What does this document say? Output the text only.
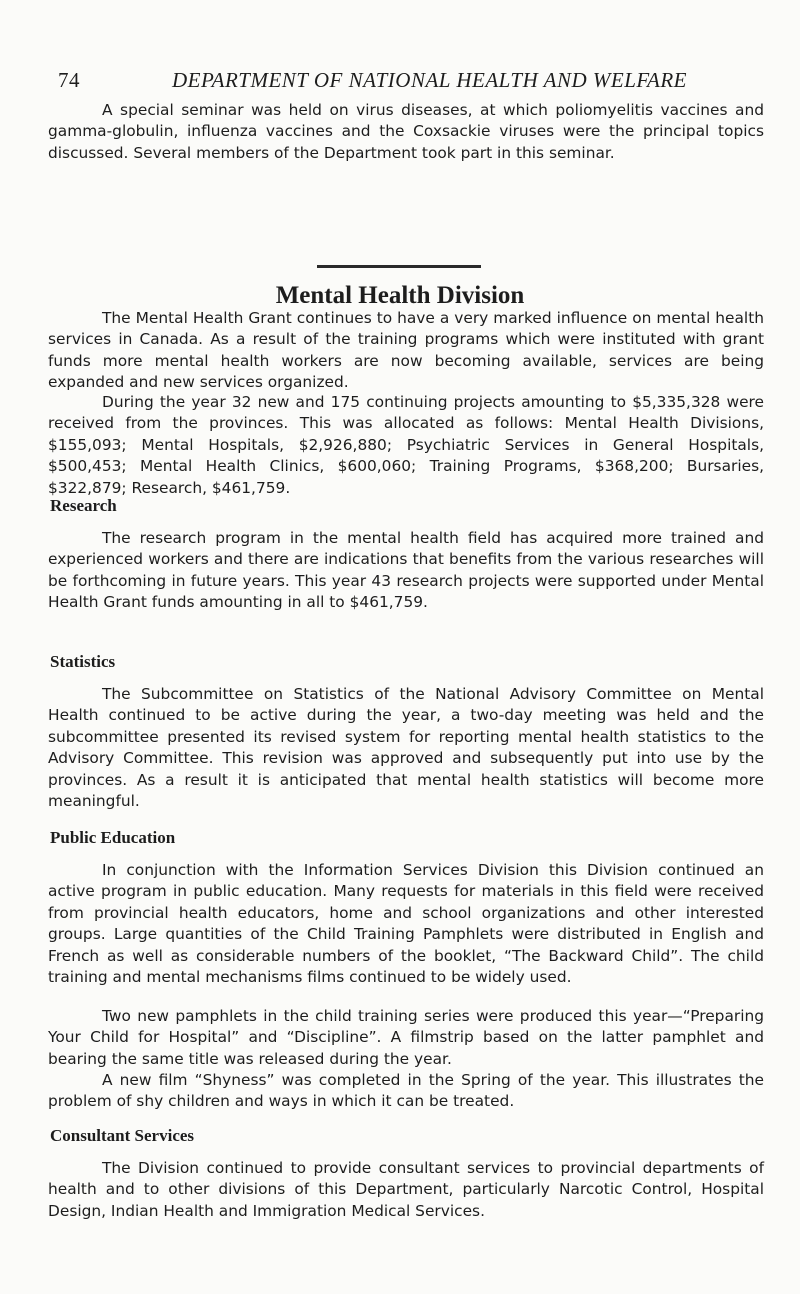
74	DEPARTMENT OF NATIONAL HEALTH AND WELFARE

A special seminar was held on virus diseases, at which poliomyelitis vaccines and gamma-globulin, influenza vaccines and the Coxsackie viruses were the principal topics discussed. Several members of the Department took part in this seminar.

Mental Health Division

The Mental Health Grant continues to have a very marked influence on mental health services in Canada. As a result of the training programs which were instituted with grant funds more mental health workers are now becoming available, services are being expanded and new services organized.

During the year 32 new and 175 continuing projects amounting to $5,335,328 were received from the provinces. This was allocated as follows: Mental Health Divisions, $155,093; Mental Hospitals, $2,926,880; Psychiatric Services in General Hospitals, $500,453; Mental Health Clinics, $600,060; Training Programs, $368,200; Bursaries, $322,879; Research, $461,759.

Research

The research program in the mental health field has acquired more trained and experienced workers and there are indications that benefits from the various researches will be forthcoming in future years. This year 43 research projects were supported under Mental Health Grant funds amounting in all to $461,759.

Statistics

The Subcommittee on Statistics of the National Advisory Committee on Mental Health continued to be active during the year, a two-day meeting was held and the subcommittee presented its revised system for reporting mental health statistics to the Advisory Committee. This revision was approved and subsequently put into use by the provinces. As a result it is anticipated that mental health statistics will become more meaningful.

Public Education

In conjunction with the Information Services Division this Division continued an active program in public education. Many requests for materials in this field were received from provincial health educators, home and school organizations and other interested groups. Large quantities of the Child Training Pamphlets were distributed in English and French as well as considerable numbers of the booklet, “The Backward Child”. The child training and mental mechanisms films continued to be widely used.

Two new pamphlets in the child training series were produced this year—“Preparing Your Child for Hospital” and “Discipline”. A filmstrip based on the latter pamphlet and bearing the same title was released during the year.

A new film “Shyness” was completed in the Spring of the year. This illustrates the problem of shy children and ways in which it can be treated.

Consultant Services

The Division continued to provide consultant services to provincial departments of health and to other divisions of this Department, particularly Narcotic Control, Hospital Design, Indian Health and Immigration Medical Services.
